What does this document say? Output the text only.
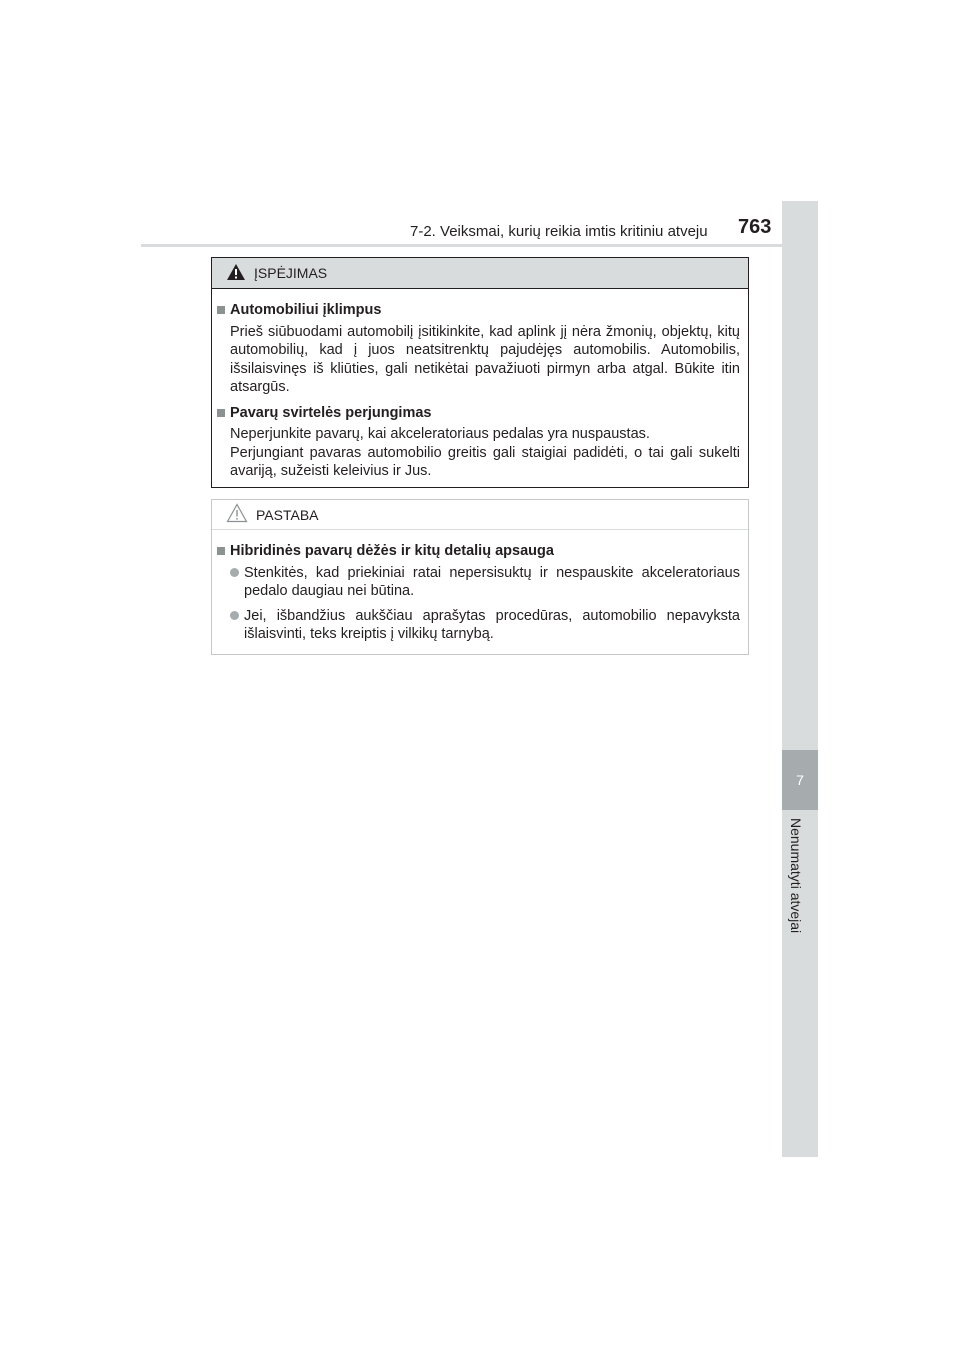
7-2. Veiksmai, kurių reikia imtis kritiniu atveju 763
7
Nenumatyti atvejai
ĮSPĖJIMAS
Automobiliui įklimpus
Prieš siūbuodami automobilį įsitikinkite, kad aplink jį nėra žmonių, objektų, kitų automobilių, kad į juos neatsitrenktų pajudėjęs automobilis. Automobilis, išsilaisvinęs iš kliūties, gali netikėtai pavažiuoti pirmyn arba atgal. Būkite itin atsargūs.
Pavarų svirtelės perjungimas
Neperjunkite pavarų, kai akceleratoriaus pedalas yra nuspaustas.
Perjungiant pavaras automobilio greitis gali staigiai padidėti, o tai gali sukelti avariją, sužeisti keleivius ir Jus.
PASTABA
Hibridinės pavarų dėžės ir kitų detalių apsauga
Stenkitės, kad priekiniai ratai nepersisuktų ir nespauskite akceleratoriaus pedalo daugiau nei būtina.
Jei, išbandžius aukščiau aprašytas procedūras, automobilio nepavyksta išlaisvinti, teks kreiptis į vilkikų tarnybą.
